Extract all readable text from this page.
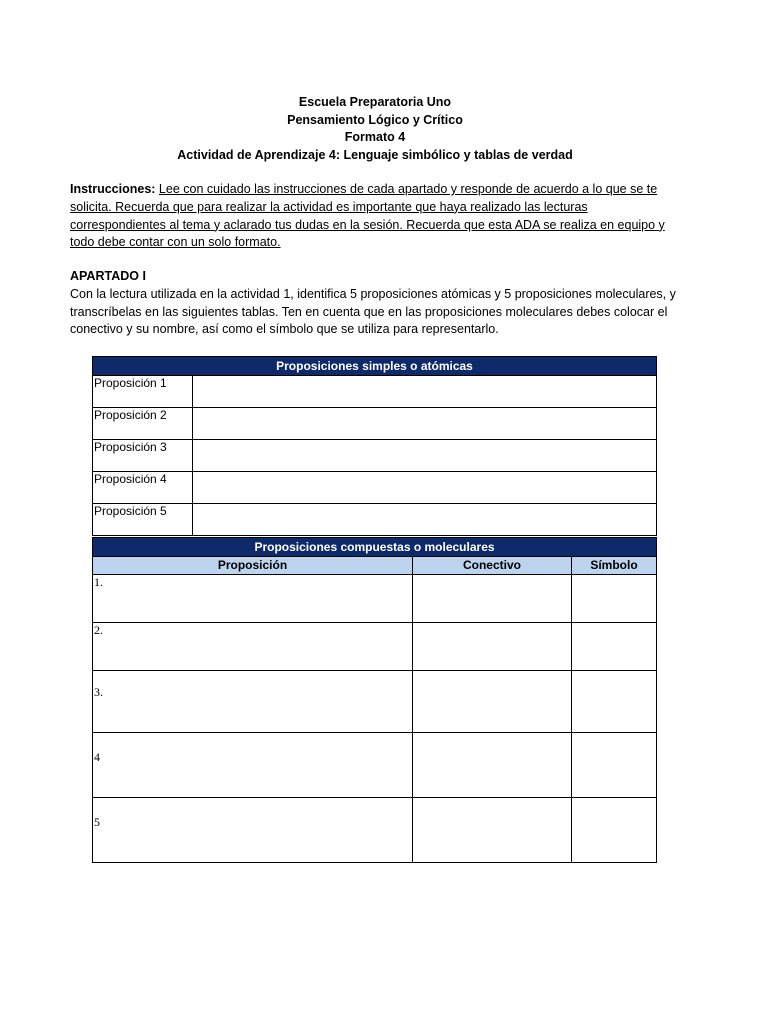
Escuela Preparatoria Uno
Pensamiento Lógico y Crítico
Formato 4
Actividad de Aprendizaje 4: Lenguaje simbólico y tablas de verdad
Instrucciones: Lee con cuidado las instrucciones de cada apartado y responde de acuerdo a lo que se te solicita. Recuerda que para realizar la actividad es importante que haya realizado las lecturas correspondientes al tema y aclarado tus dudas en la sesión. Recuerda que esta ADA se realiza en equipo y todo debe contar con un solo formato.
APARTADO I
Con la lectura utilizada en la actividad 1, identifica 5 proposiciones atómicas y 5 proposiciones moleculares, y transcríbelas en las siguientes tablas. Ten en cuenta que en las proposiciones moleculares debes colocar el conectivo y su nombre, así como el símbolo que se utiliza para representarlo.
Proposiciones simples o atómicas	
Proposición 1	
Proposición 2	
Proposición 3	
Proposición 4	
Proposición 5	
Proposiciones compuestas o moleculares		
Proposición	Conectivo	Símbolo
1.		
2.		
3.		
4		
5		
